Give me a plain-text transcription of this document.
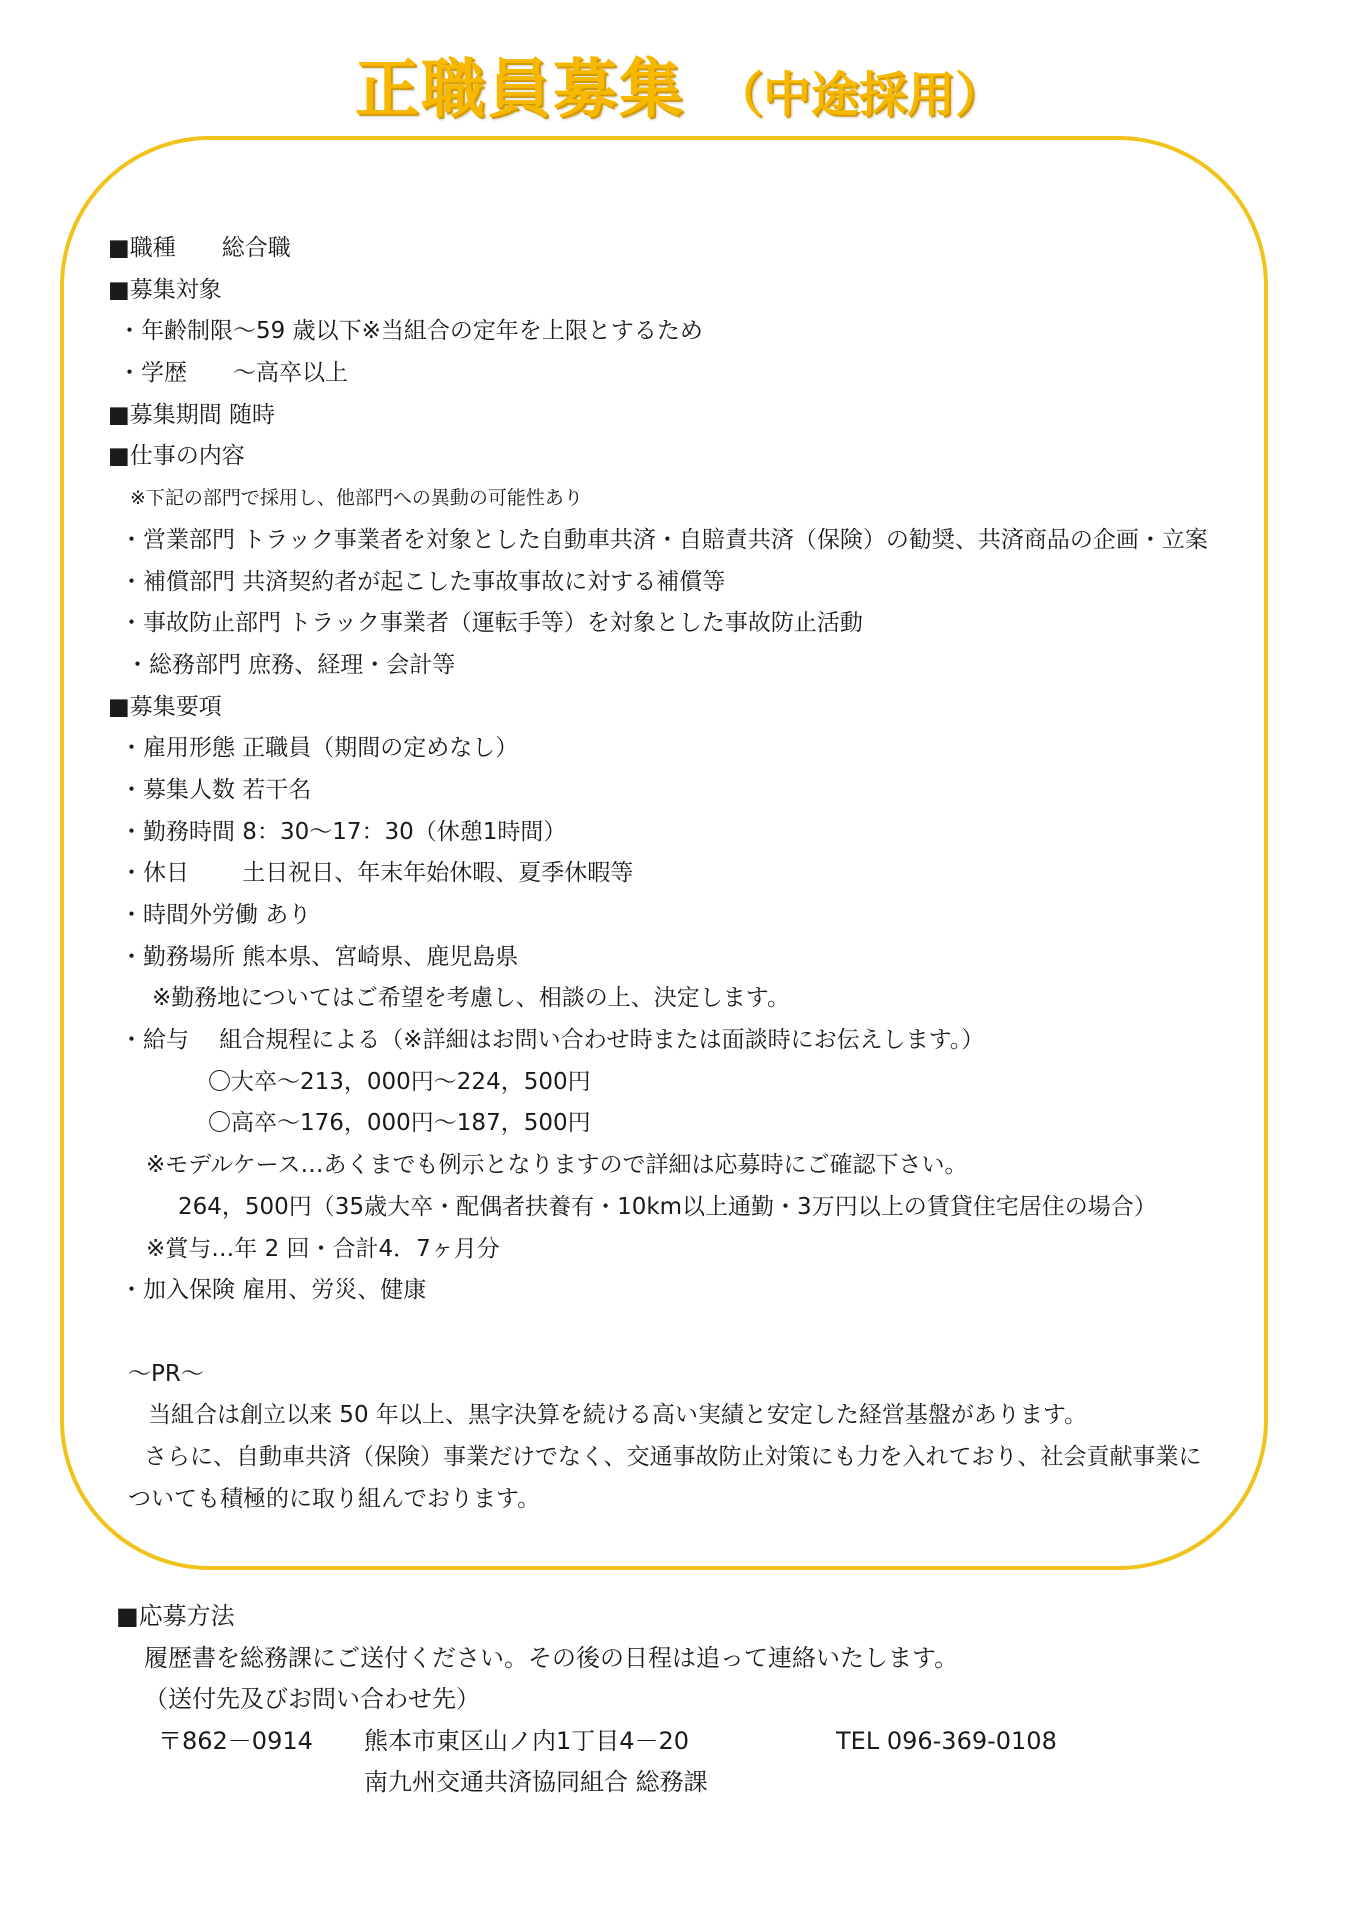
正職員募集 （中途採用）
■職種　　総合職
■募集対象
・年齢制限～59 歳以下※当組合の定年を上限とするため
・学歴　　～高卒以上
■募集期間 随時
■仕事の内容
※下記の部門で採用し、他部門への異動の可能性あり
・営業部門 トラック事業者を対象とした自動車共済・自賠責共済（保険）の勧奨、共済商品の企画・立案
・補償部門 共済契約者が起こした事故事故に対する補償等
・事故防止部門 トラック事業者（運転手等）を対象とした事故防止活動
・総務部門 庶務、経理・会計等
■募集要項
・雇用形態 正職員（期間の定めなし）
・募集人数 若干名
・勤務時間 8：30～17：30（休憩1時間）
・休日　　 土日祝日、年末年始休暇、夏季休暇等
・時間外労働 あり
・勤務場所 熊本県、宮崎県、鹿児島県
※勤務地についてはご希望を考慮し、相談の上、決定します。
・給与　 組合規程による（※詳細はお問い合わせ時または面談時にお伝えします。）
〇大卒～213，000円～224，500円
〇高卒～176，000円～187，500円
※モデルケース…あくまでも例示となりますので詳細は応募時にご確認下さい。
264，500円（35歳大卒・配偶者扶養有・10km以上通勤・3万円以上の賃貸住宅居住の場合）
※賞与…年 2 回・合計4．7ヶ月分
・加入保険 雇用、労災、健康
～PR～
当組合は創立以来 50 年以上、黒字決算を続ける高い実績と安定した経営基盤があります。
さらに、自動車共済（保険）事業だけでなく、交通事故防止対策にも力を入れており、社会貢献事業に
ついても積極的に取り組んでおります。
■応募方法
履歴書を総務課にご送付ください。その後の日程は追って連絡いたします。
（送付先及びお問い合わせ先）
〒862－0914 熊本市東区山ノ内1丁目4－20	TEL 096-369-0108
南九州交通共済協同組合 総務課
